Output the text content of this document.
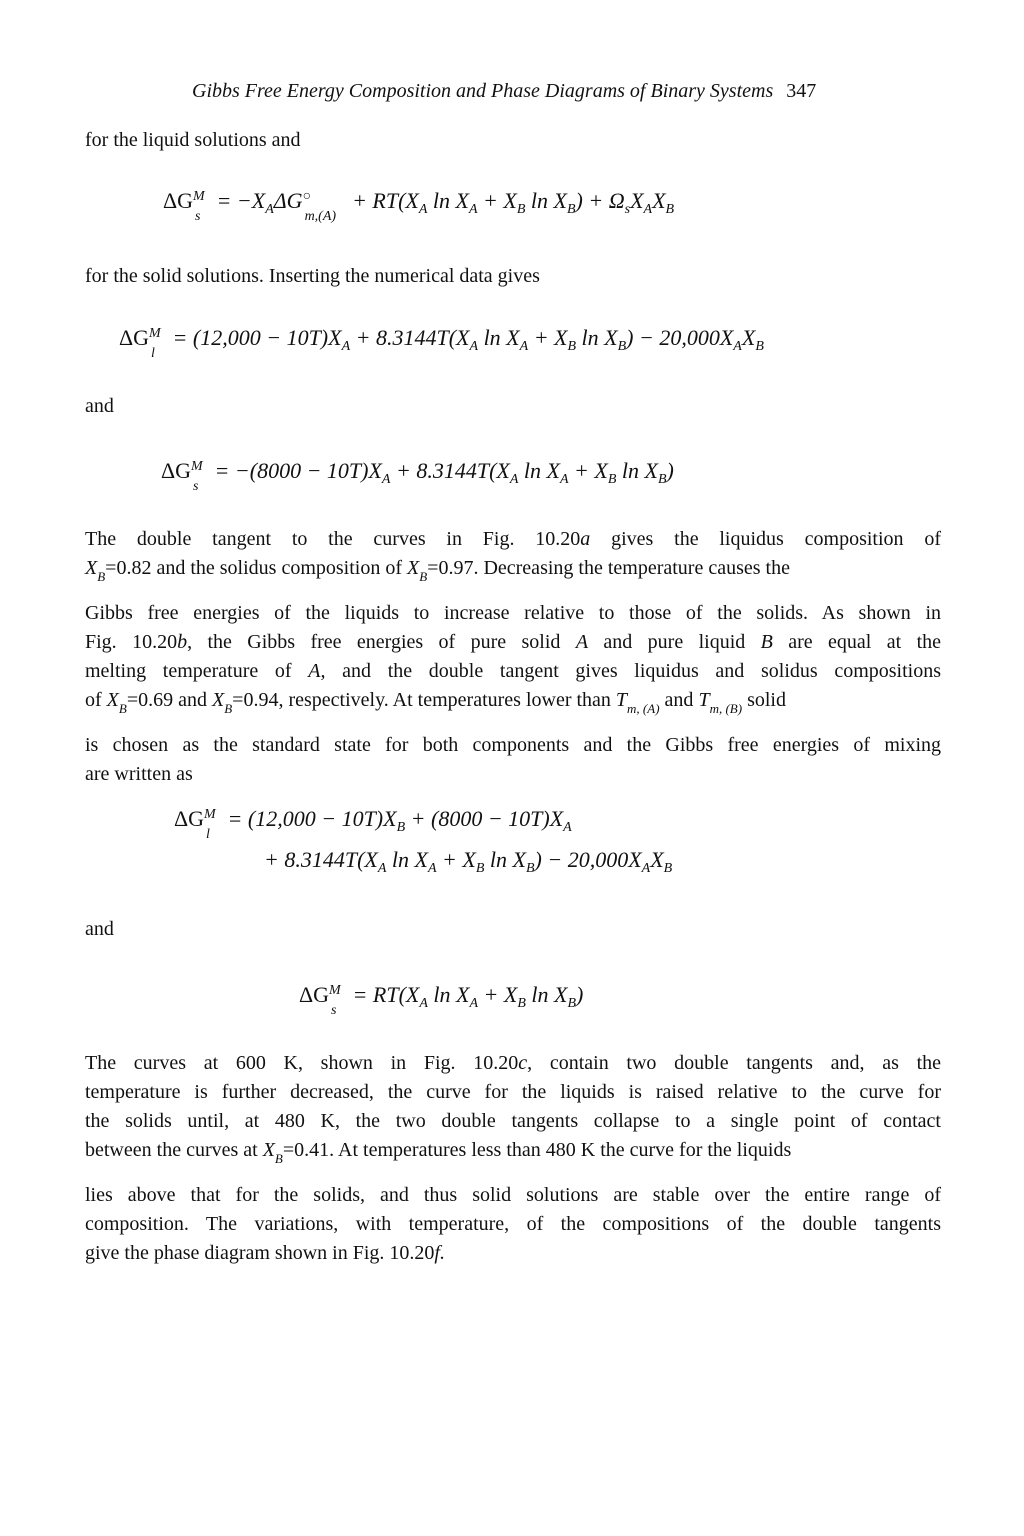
Gibbs Free Energy Composition and Phase Diagrams of Binary Systems 347
for the liquid solutions and
ΔG M
s
= $-X_A\Delta G$ ○
m,(A)
+ $RT(X_A$ $\ln X_A + X_B$ $\ln X_B) + \Omega_sX_AX_B$
for the solid solutions. Inserting the numerical data gives
ΔG M
l
= $(12,000 - 10T)X_A + 8.3144T(X_A$ $\ln X_A + X_B$ $\ln X_B) - 20,000X_AX_B$
and
ΔG M
s
= $-(8000 - 10T)X_A + 8.3144T(X_A$ $\ln X_A + X_B$ $\ln X_B$)
The double tangent to the curves in Fig. 10.20a gives the liquidus composition of
$X_B=0.82$ and the solidus composition of $X_B=0.97$. Decreasing the temperature causes the
Gibbs free energies of the liquids to increase relative to those of the solids. As shown in
Fig. 10.20b, the Gibbs free energies of pure solid A and pure liquid B are equal at the
melting temperature of A, and the double tangent gives liquidus and solidus compositions
of $X_B=0.69$ and $X_B=0.94$, respectively. At temperatures lower than $T_{m, (A)}$ and $T_{m, (B)}$ solid
is chosen as the standard state for both components and the Gibbs free energies of mixing
are written as
ΔG M
l
= $(12,000 - 10T)X_B + (8000 - 10T)X_A$
+ $8.3144T(X_A$ $\ln X_A + X_B$ $\ln X_B) - 20,000X_AX_B$
and
ΔG M
s
= $RT(X_A$ $\ln X_A + X_B$ $\ln X_B$)
The curves at 600 K, shown in Fig. 10.20c, contain two double tangents and, as the
temperature is further decreased, the curve for the liquids is raised relative to the curve for
the solids until, at 480 K, the two double tangents collapse to a single point of contact
between the curves at $X_B=0.41$. At temperatures less than 480 K the curve for the liquids
lies above that for the solids, and thus solid solutions are stable over the entire range of
composition. The variations, with temperature, of the compositions of the double tangents
give the phase diagram shown in Fig. 10.20f.
